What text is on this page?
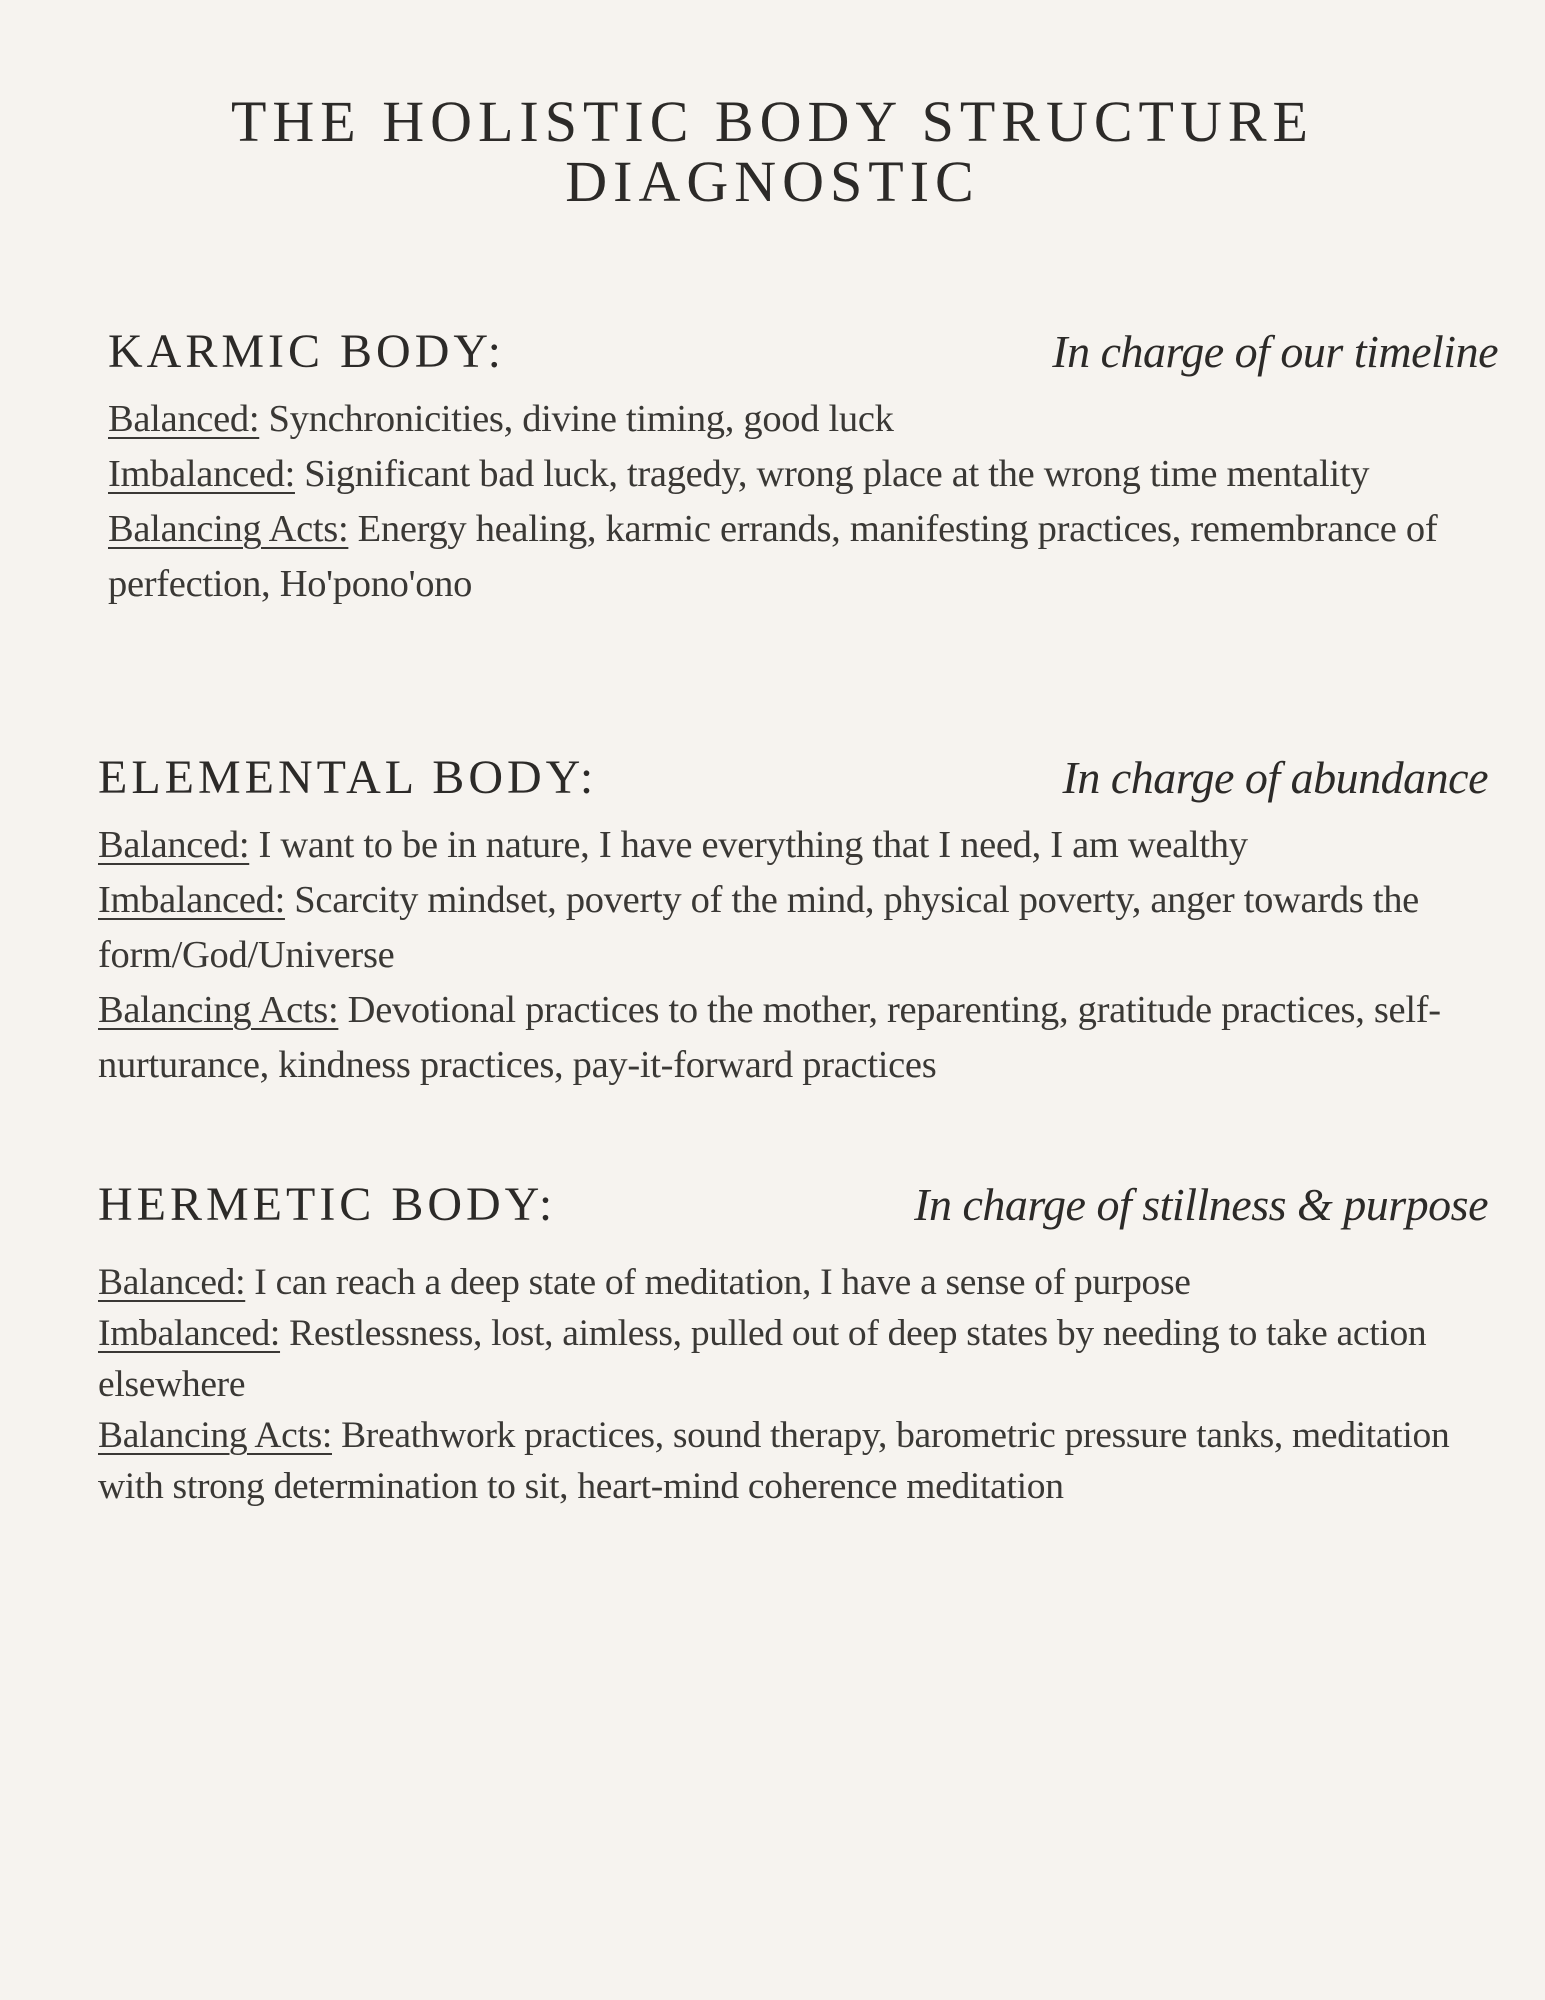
THE HOLISTIC BODY STRUCTURE
DIAGNOSTIC
KARMIC BODY:	In charge of our timeline

Balanced: Synchronicities, divine timing, good luck

Imbalanced: Significant bad luck, tragedy, wrong place at the wrong time mentality

Balancing Acts: Energy healing, karmic errands, manifesting practices, remembrance of perfection, Ho'pono'ono

ELEMENTAL BODY:	In charge of abundance

Balanced: I want to be in nature, I have everything that I need, I am wealthy

Imbalanced: Scarcity mindset, poverty of the mind, physical poverty, anger towards the form/God/Universe

Balancing Acts: Devotional practices to the mother, reparenting, gratitude practices, self-nurturance, kindness practices, pay-it-forward practices

HERMETIC BODY:	In charge of stillness & purpose

Balanced: I can reach a deep state of meditation, I have a sense of purpose

Imbalanced: Restlessness, lost, aimless, pulled out of deep states by needing to take action elsewhere

Balancing Acts: Breathwork practices, sound therapy, barometric pressure tanks, meditation with strong determination to sit, heart-mind coherence meditation
